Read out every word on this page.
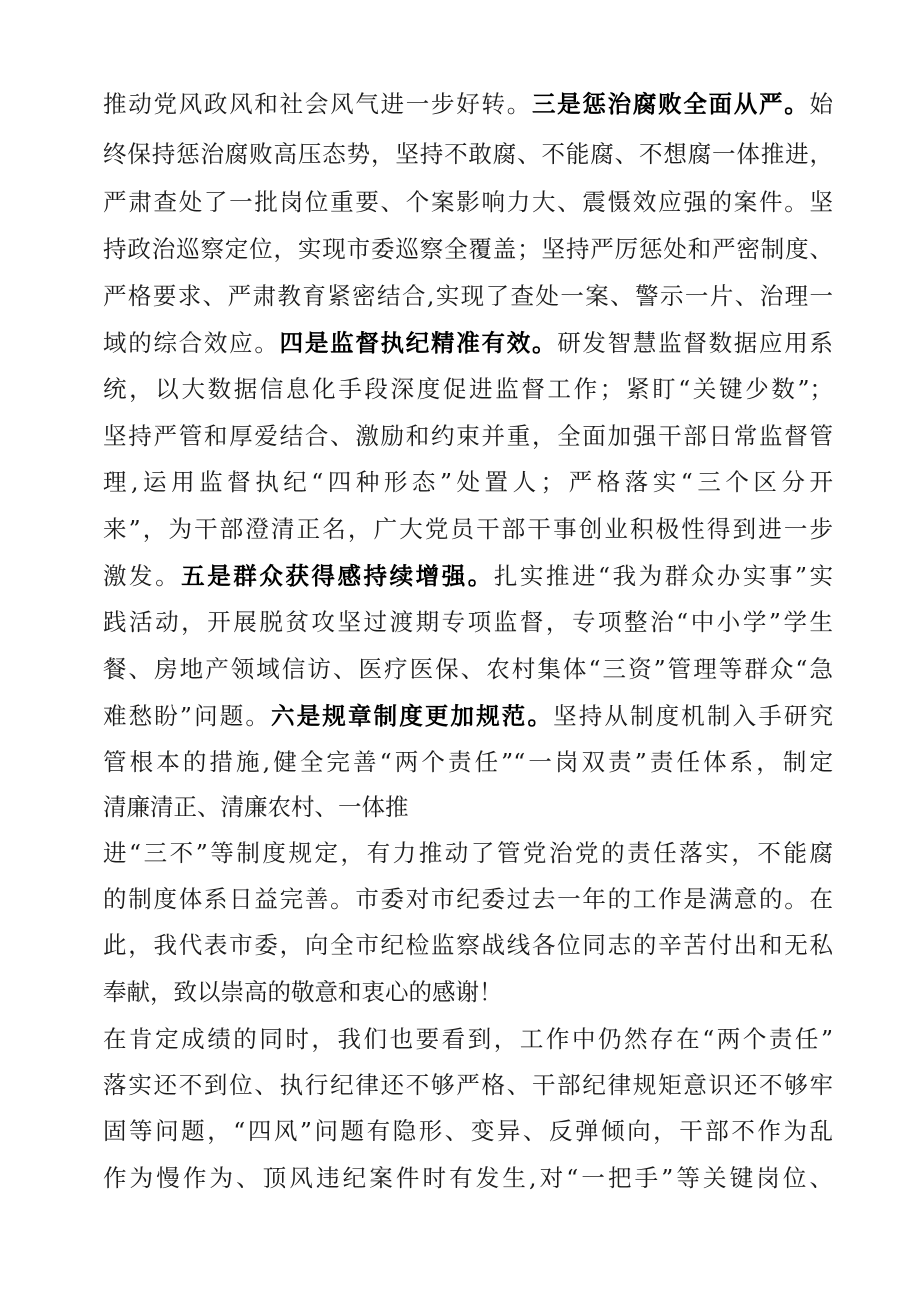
推动党风政风和社会风气进一步好转。三是惩治腐败全面从严。始
终保持惩治腐败高压态势，坚持不敢腐、不能腐、不想腐一体推进，
严肃查处了一批岗位重要、个案影响力大、震慑效应强的案件。坚
持政治巡察定位，实现市委巡察全覆盖；坚持严厉惩处和严密制度、
严格要求、严肃教育紧密结合,实现了查处一案、警示一片、治理一
域的综合效应。四是监督执纪精准有效。研发智慧监督数据应用系
统，以大数据信息化手段深度促进监督工作；紧盯“关键少数”；
坚持严管和厚爱结合、激励和约束并重，全面加强干部日常监督管
理,运用监督执纪“四种形态”处置人；严格落实“三个区分开
来”，为干部澄清正名，广大党员干部干事创业积极性得到进一步
激发。五是群众获得感持续增强。扎实推进“我为群众办实事”实
践活动，开展脱贫攻坚过渡期专项监督，专项整治“中小学”学生
餐、房地产领域信访、医疗医保、农村集体“三资”管理等群众“急
难愁盼”问题。六是规章制度更加规范。坚持从制度机制入手研究
管根本的措施,健全完善“两个责任”“一岗双责”责任体系，制定
清廉清正、清廉农村、一体推
进“三不”等制度规定，有力推动了管党治党的责任落实，不能腐
的制度体系日益完善。市委对市纪委过去一年的工作是满意的。在
此，我代表市委，向全市纪检监察战线各位同志的辛苦付出和无私
奉献，致以崇高的敬意和衷心的感谢！
在肯定成绩的同时，我们也要看到，工作中仍然存在“两个责任”
落实还不到位、执行纪律还不够严格、干部纪律规矩意识还不够牢
固等问题，“四风”问题有隐形、变异、反弹倾向，干部不作为乱
作为慢作为、顶风违纪案件时有发生,对“一把手”等关键岗位、
